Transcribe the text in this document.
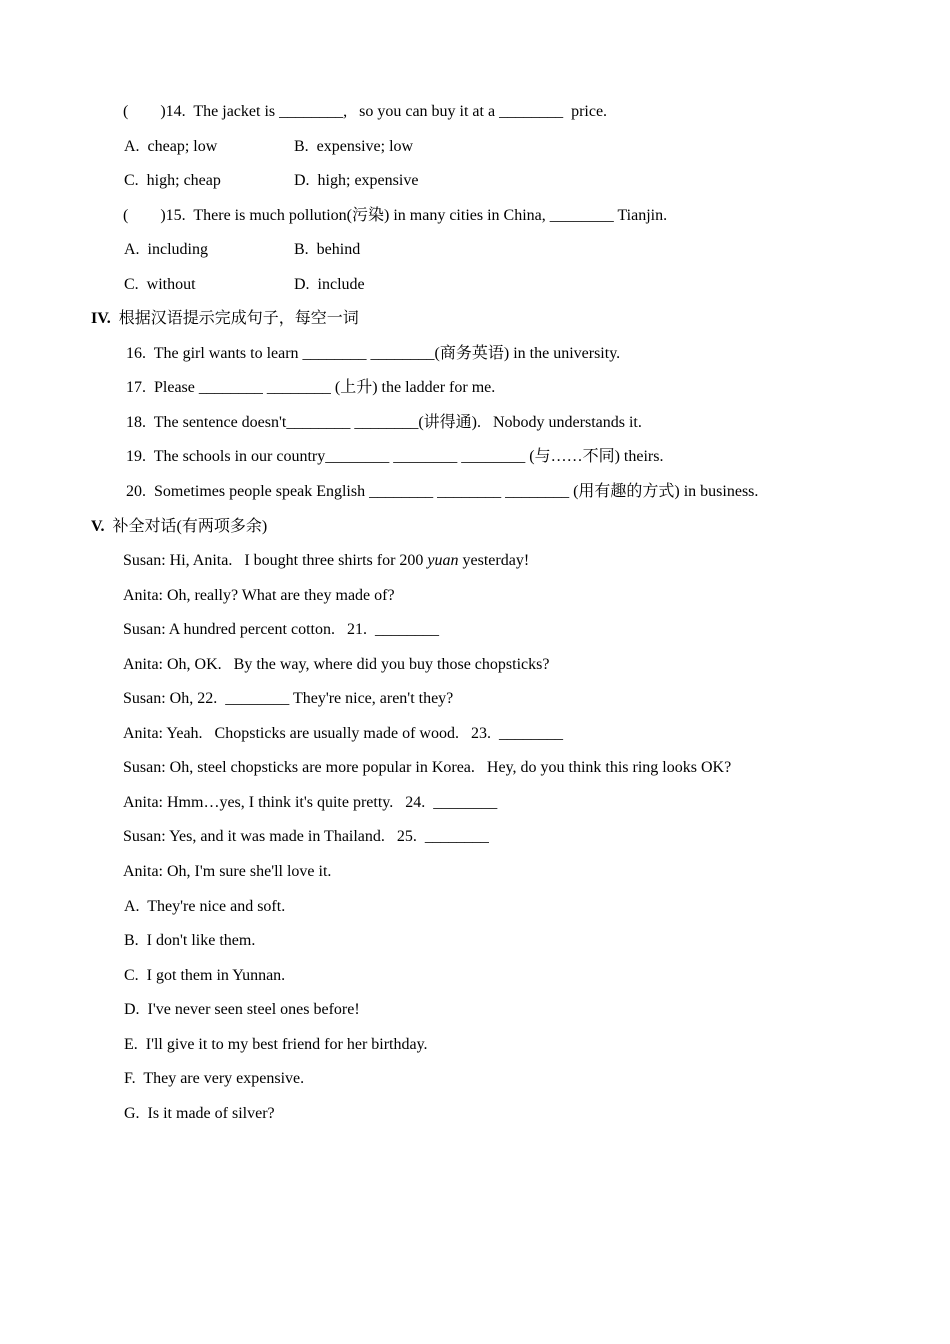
(        )14.  The jacket is ________,   so you can buy it at a ________  price.
A.  cheap; low	B.  expensive; low
C.  high; cheap	D.  high; expensive
(        )15.  There is much pollution(污染) in many cities in China, ________ Tianjin.
A.  including	B.  behind
C.  without	D.  include
IV.  根据汉语提示完成句子，每空一词
16.  The girl wants to learn ________ ________(商务英语) in the university.
17.  Please ________ ________ (上升) the ladder for me.
18.  The sentence doesn't________ ________(讲得通).   Nobody understands it.
19.  The schools in our country________ ________ ________ (与……不同) theirs.
20.  Sometimes people speak English ________ ________ ________ (用有趣的方式) in business.
V.  补全对话(有两项多余)
Susan: Hi, Anita.   I bought three shirts for 200 yuan yesterday!
Anita: Oh, really? What are they made of?
Susan: A hundred percent cotton.   21.  ________
Anita: Oh, OK.   By the way, where did you buy those chopsticks?
Susan: Oh, 22.  ________ They're nice, aren't they?
Anita: Yeah.   Chopsticks are usually made of wood.   23.  ________
Susan: Oh, steel chopsticks are more popular in Korea.   Hey, do you think this ring looks OK?
Anita: Hmm…yes, I think it's quite pretty.   24.  ________
Susan: Yes, and it was made in Thailand.   25.  ________
Anita: Oh, I'm sure she'll love it.
A.  They're nice and soft.
B.  I don't like them.
C.  I got them in Yunnan.
D.  I've never seen steel ones before!
E.  I'll give it to my best friend for her birthday.
F.  They are very expensive.
G.  Is it made of silver?
